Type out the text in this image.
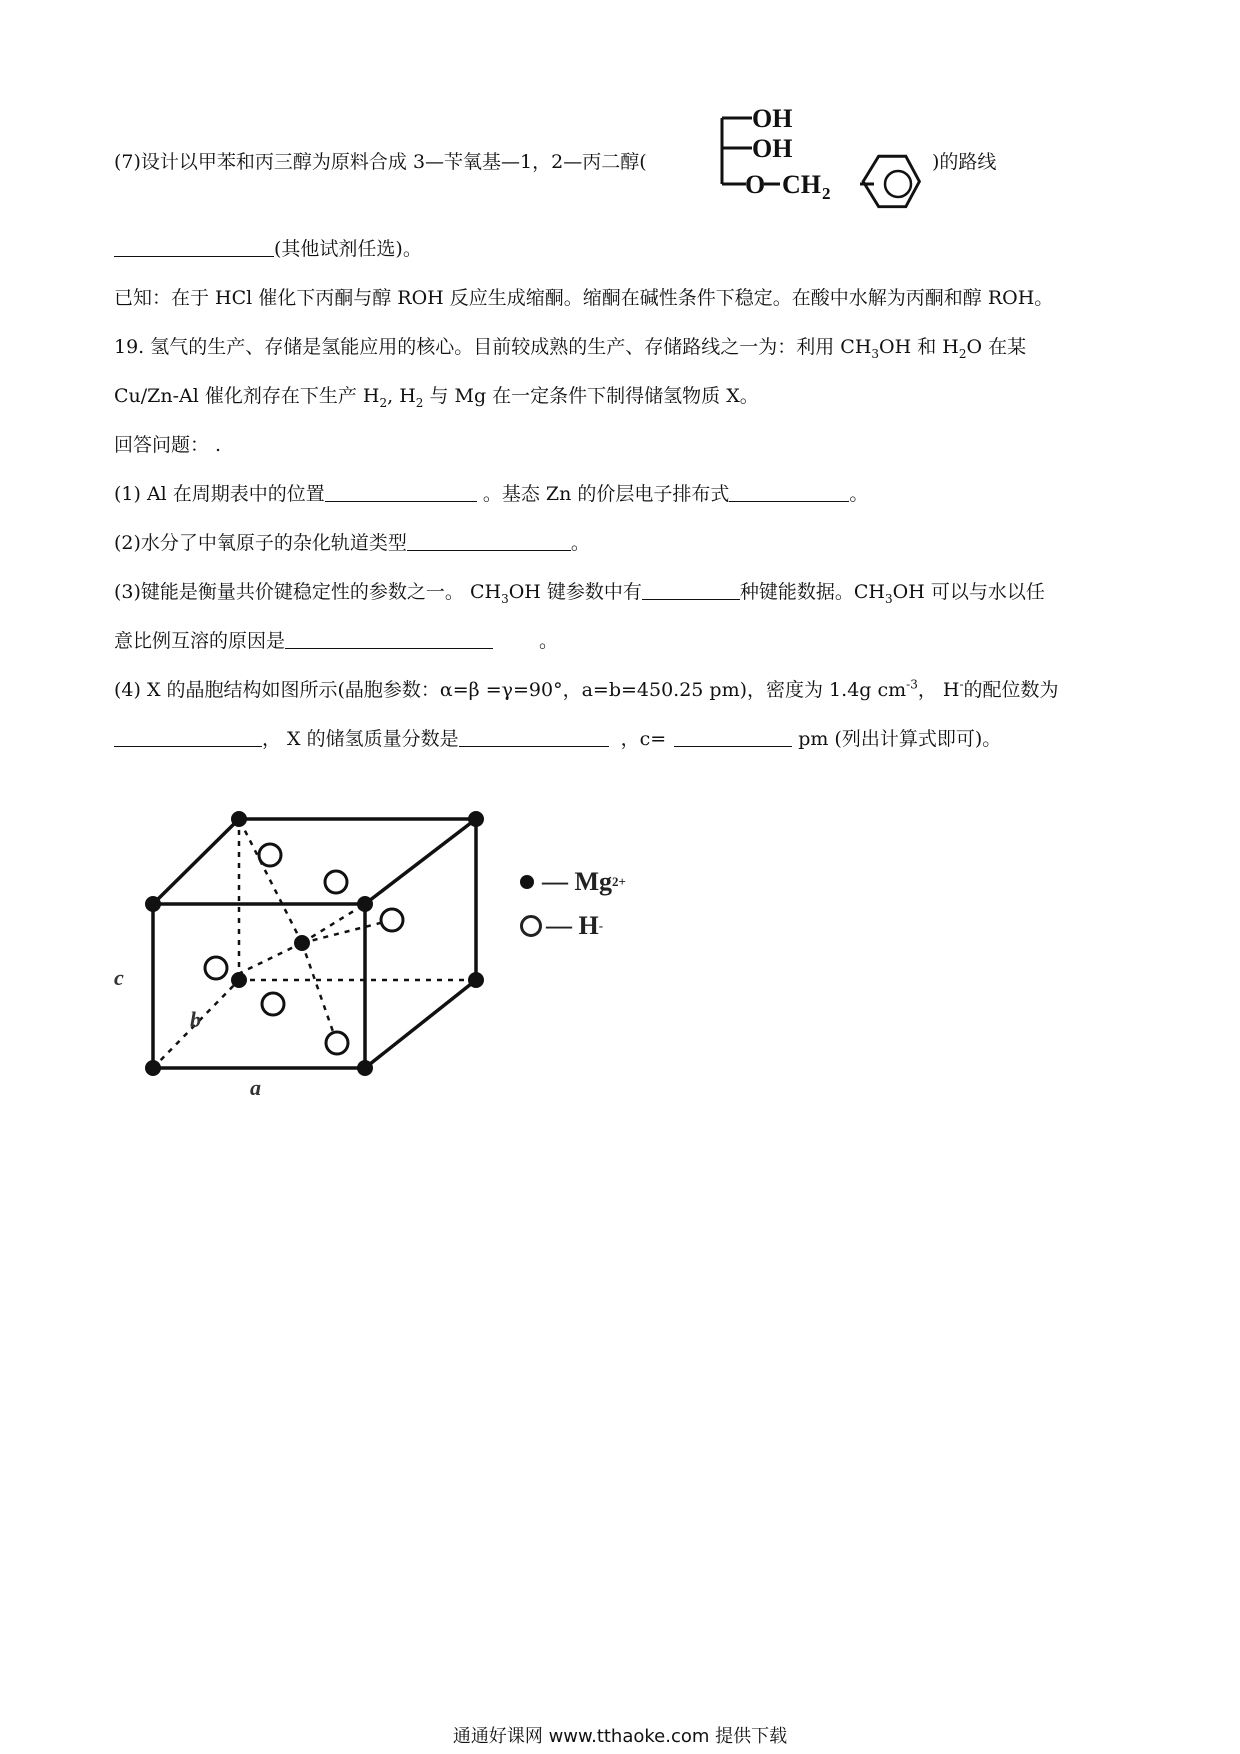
(7)设计以甲苯和丙三醇为原料合成 3—苄氧基—1，2—丙二醇(	)的路线
OH
OH
O CH 2
(其他试剂任选)。
已知：在于 HCl 催化下丙酮与醇 ROH 反应生成缩酮。缩酮在碱性条件下稳定。在酸中水解为丙酮和醇 ROH。
19. 氢气的生产、存储是氢能应用的核心。目前较成熟的生产、存储路线之一为：利用 $CH_3OH$ 和 $H_2O$ 在某
Cu/Zn-Al 催化剂存在下生产 $H_2$, $H_2$ 与 Mg 在一定条件下制得储氢物质 X。
回答问题： .
(1) Al 在周期表中的位置	。基态 Zn 的价层电子排布式	。
(2)水分了中氧原子的杂化轨道类型	。
(3)键能是衡量共价键稳定性的参数之一。 $CH_3OH$ 键参数中有	种键能数据。$CH_3OH$ 可以与水以任
意比例互溶的原因是	。
(4) X 的晶胞结构如图所示(晶胞参数：α=β =γ=90°，a=b=450.25 pm)，密度为 1.4g $cm^{-3}$， H-的配位数为
， X 的储氢质量分数是	，c=	pm (列出计算式即可)。
c
b
a
— Mg 2+
— H -
通通好课网 www.tthaoke.com 提供下载
